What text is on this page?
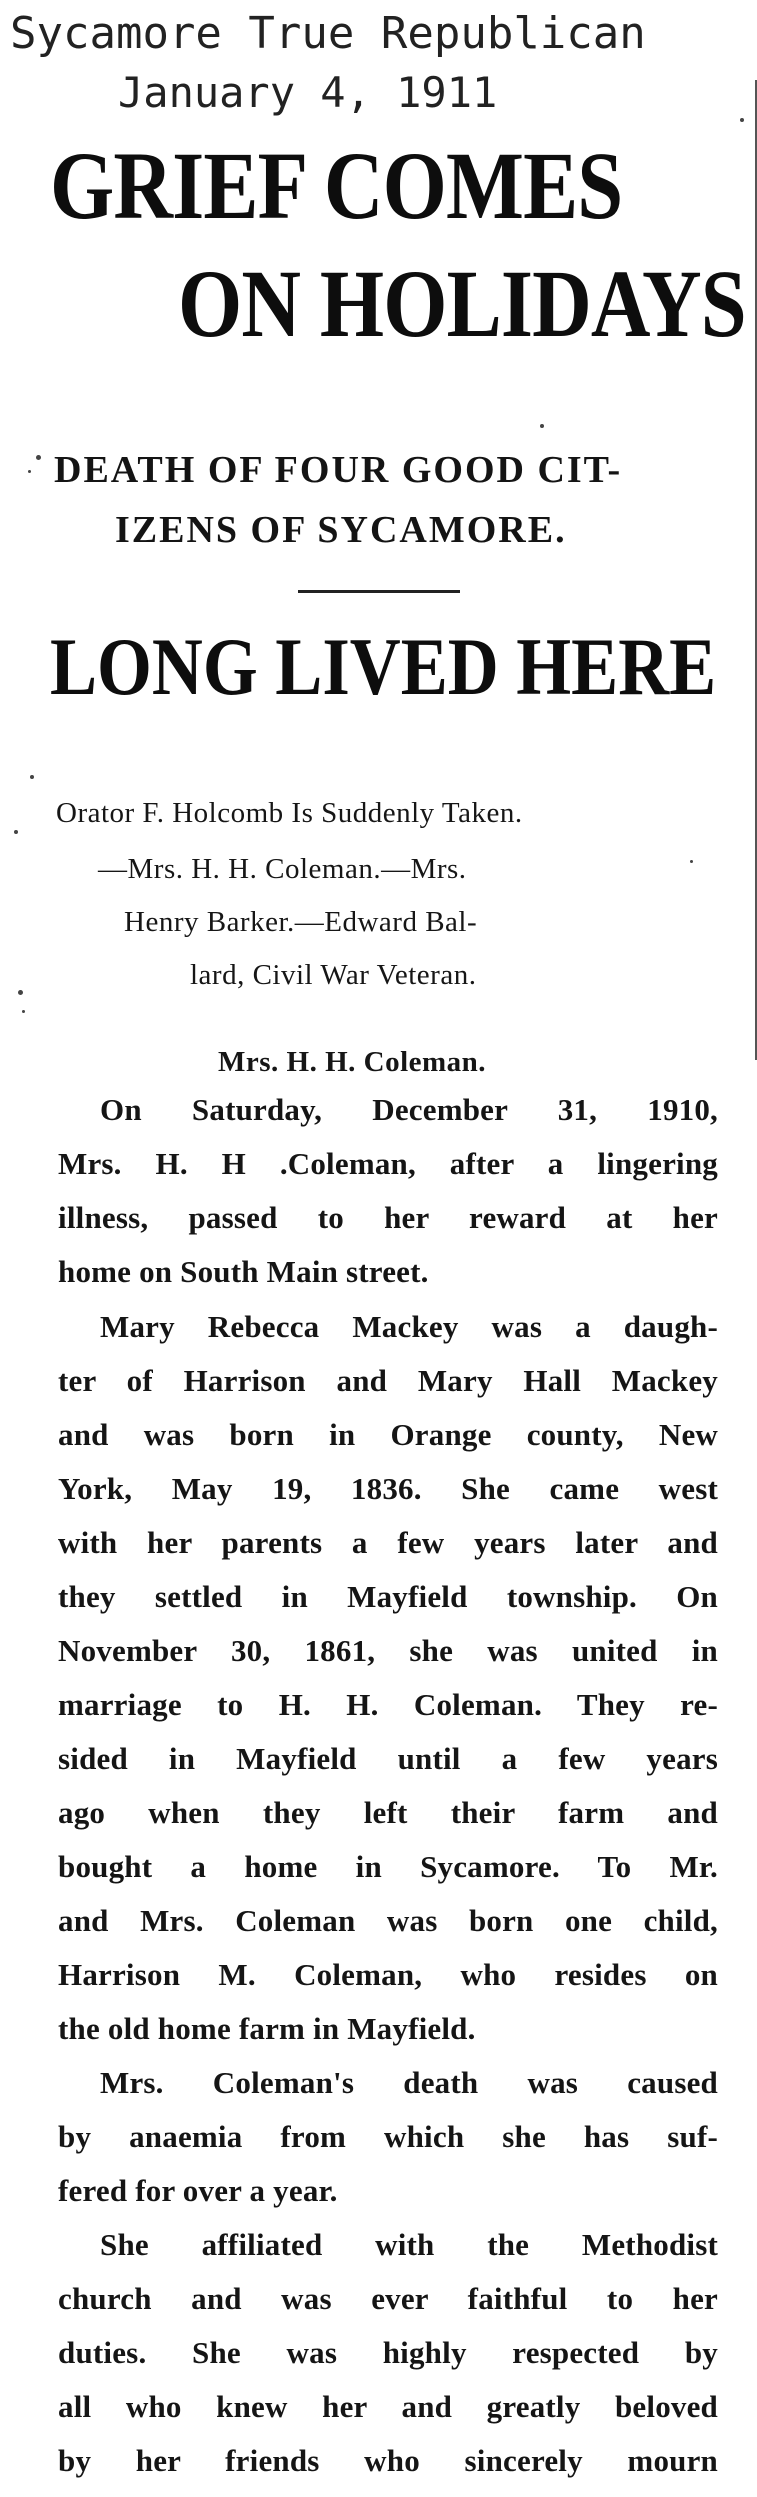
Sycamore True Republican
January 4, 1911
GRIEF COMES
ON HOLIDAYS
DEATH OF FOUR GOOD CIT-
IZENS OF SYCAMORE.
LONG LIVED HERE
Orator F. Holcomb Is Suddenly Taken.
—Mrs. H. H. Coleman.—Mrs.
Henry Barker.—Edward Bal-
lard, Civil War Veteran.
Mrs. H. H. Coleman.
On Saturday, December 31, 1910,
Mrs. H. H .Coleman, after a lingering
illness, passed to her reward at her
home on South Main street.
Mary Rebecca Mackey was a daugh-
ter of Harrison and Mary Hall Mackey
and was born in Orange county, New
York, May 19, 1836. She came west
with her parents a few years later and
they settled in Mayfield township. On
November 30, 1861, she was united in
marriage to H. H. Coleman. They re-
sided in Mayfield until a few years
ago when they left their farm and
bought a home in Sycamore. To Mr.
and Mrs. Coleman was born one child,
Harrison M. Coleman, who resides on
the old home farm in Mayfield.
Mrs. Coleman's death was caused
by anaemia from which she has suf-
fered for over a year.
She affiliated with the Methodist
church and was ever faithful to her
duties. She was highly respected by
all who knew her and greatly beloved
by her friends who sincerely mourn
